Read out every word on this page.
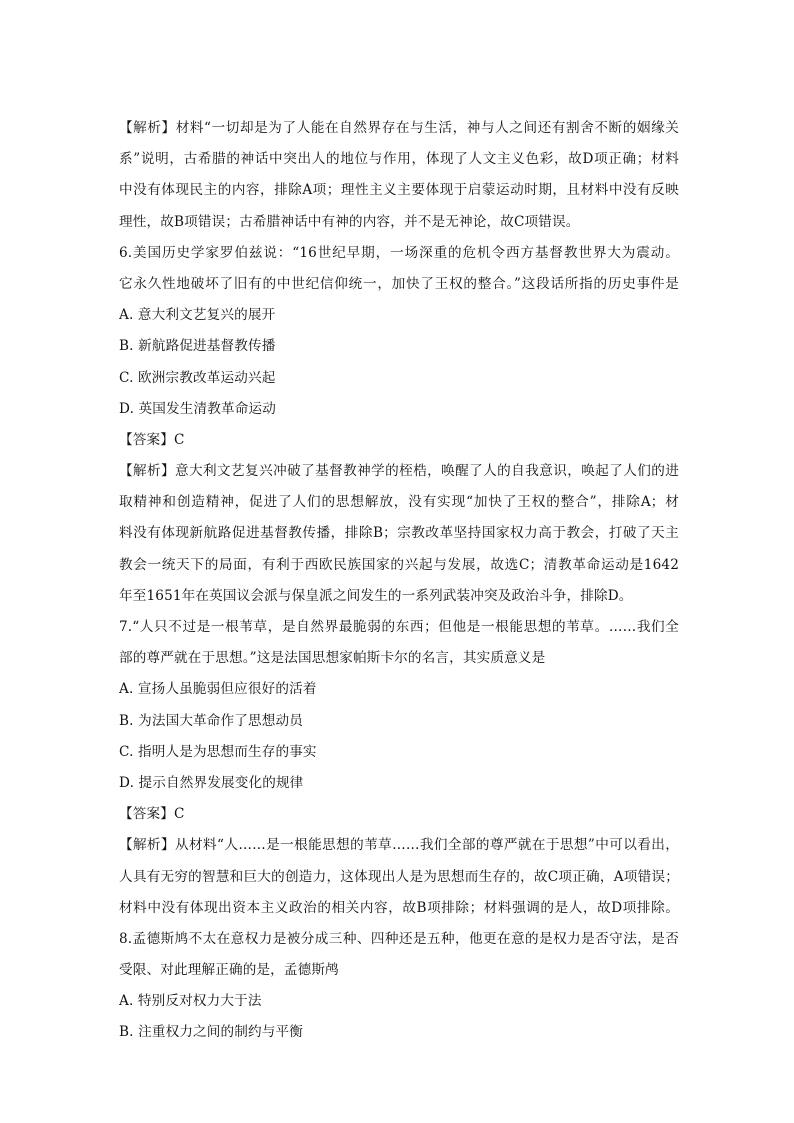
【解析】材料“一切却是为了人能在自然界存在与生活，神与人之间还有割舍不断的姻缘关
系”说明，古希腊的神话中突出人的地位与作用，体现了人文主义色彩，故D项正确；材料
中没有体现民主的内容，排除A项；理性主义主要体现于启蒙运动时期，且材料中没有反映
理性，故B项错误；古希腊神话中有神的内容，并不是无神论，故C项错误。
6.美国历史学家罗伯兹说：“16世纪早期，一场深重的危机令西方基督教世界大为震动。
它永久性地破坏了旧有的中世纪信仰统一，加快了王权的整合。”这段话所指的历史事件是
A. 意大利文艺复兴的展开
B. 新航路促进基督教传播
C. 欧洲宗教改革运动兴起
D. 英国发生清教革命运动
【答案】C
【解析】意大利文艺复兴冲破了基督教神学的桎梏，唤醒了人的自我意识，唤起了人们的进
取精神和创造精神，促进了人们的思想解放，没有实现“加快了王权的整合”，排除A；材
料没有体现新航路促进基督教传播，排除B；宗教改革坚持国家权力高于教会，打破了天主
教会一统天下的局面，有利于西欧民族国家的兴起与发展，故选C；清教革命运动是1642
年至1651年在英国议会派与保皇派之间发生的一系列武装冲突及政治斗争，排除D。
7.“人只不过是一根苇草，是自然界最脆弱的东西；但他是一根能思想的苇草。……我们全
部的尊严就在于思想。”这是法国思想家帕斯卡尔的名言，其实质意义是
A. 宣扬人虽脆弱但应很好的活着
B. 为法国大革命作了思想动员
C. 指明人是为思想而生存的事实
D. 提示自然界发展变化的规律
【答案】C
【解析】从材料“人……是一根能思想的苇草……我们全部的尊严就在于思想”中可以看出，
人具有无穷的智慧和巨大的创造力，这体现出人是为思想而生存的，故C项正确，A项错误；
材料中没有体现出资本主义政治的相关内容，故B项排除；材料强调的是人，故D项排除。
8.孟德斯鸠不太在意权力是被分成三种、四种还是五种，他更在意的是权力是否守法，是否
受限、对此理解正确的是，孟德斯鸬
A. 特别反对权力大于法
B. 注重权力之间的制约与平衡
